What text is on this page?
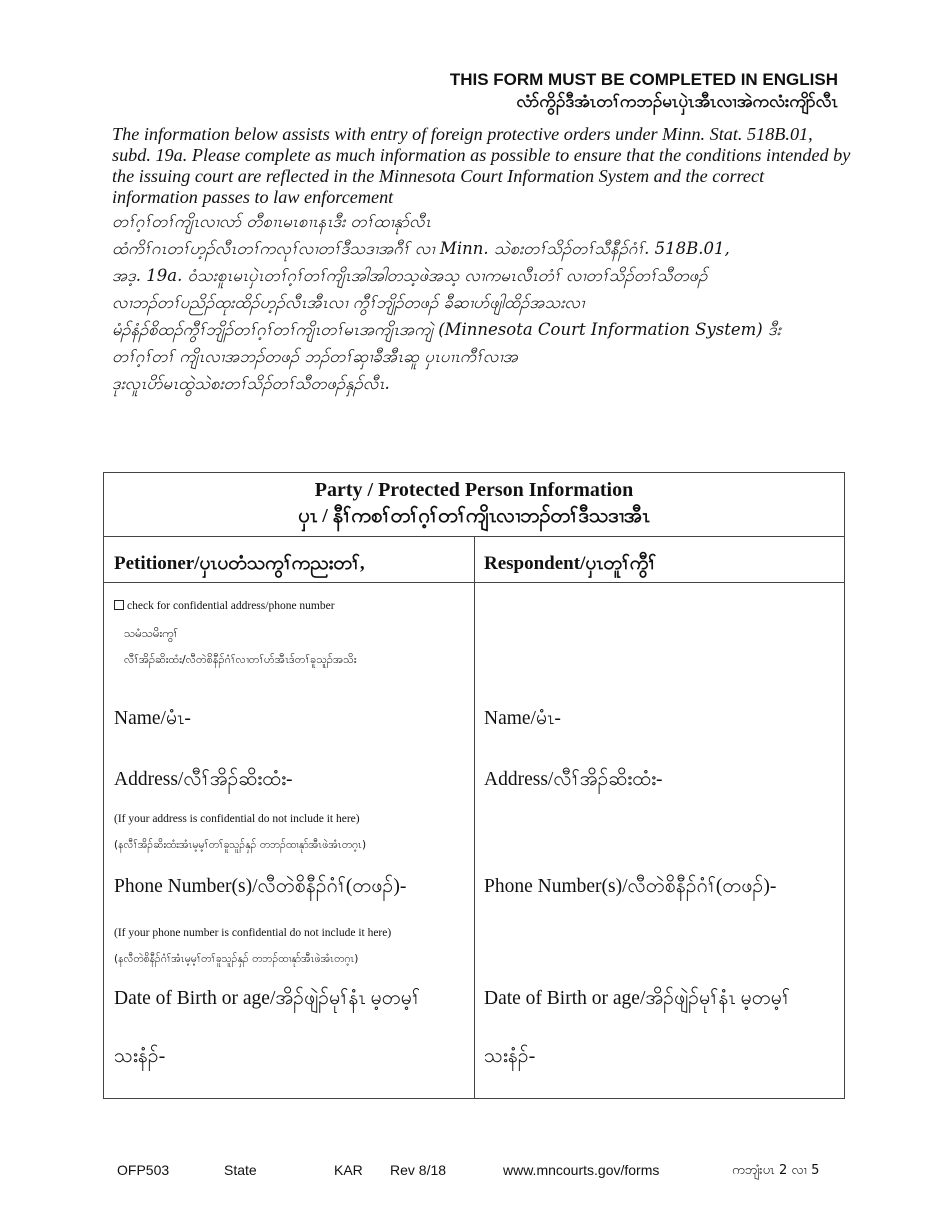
THIS FORM MUST BE COMPLETED IN ENGLISH
လံာ်ကွိၣ်ဒီအံၤတၢ်ကဘၣ်မၤပှဲၤအီၤလၢအဲကလံးကျိာ်လီၤ
The information below assists with entry of foreign protective orders under Minn. Stat. 518B.01, subd. 19a. Please complete as much information as possible to ensure that the conditions intended by the issuing court are reflected in the Minnesota Court Information System and the correct information passes to law enforcement
တၢ်ဂ့ၢ်တၢ်ကျိၤလၢလာ် တီစၢၤမၤစၢၤနၤဒီး တၢ်ထၢနုာ်လီၤ
ထံကိၢ်ဂၤတၢ်ဟ့ၣ်လီၤတၢ်ကလုၢ်လၢတၢ်ဒီသဒၢအဂီၢ် လၢ Minn. သဲစးတၢ်သိၣ်တၢ်သီနီၣ်ဂံၢ်. 518B.01,
အဒ့. 19a. ဝံသးစူၤမၤပှဲၤတၢ်ဂ့ၢ်တၢ်ကျိၤအါအါတသ့ဖဲအသ့ လၢကမၤလီၤတံၢ် လၢတၢ်သိၣ်တၢ်သီတဖၣ်
လၢဘၣ်တၢ်ပညိၣ်ထုးထိၣ်ဟ့ၣ်လီၤအီၤလၢ ကွီၢ်ဘျိၣ်တဖၣ် ခီဆၢဟ်ဖျါထိၣ်အသးလၢ
မံၣ်နံၣ်စိထၣ်ကွီၢ်ဘျိၣ်တၢ်ဂ့ၢ်တၢ်ကျိၤတၢ်မၤအကျိၤအကျဲ (Minnesota Court Information System) ဒီး
တၢ်ဂ့ၢ်တၢ် ကျိၤလၢအဘၣ်တဖၣ် ဘၣ်တၢ်ဆှၢခီအီၤဆူ ပှၤပၢၤကီၢ်လၢအ
ဒုးလူၤပိာ်မၤထွဲသဲစးတၢ်သိၣ်တၢ်သီတဖၣ်နှၣ်လီၤ.
Party / Protected Person Information
ပှၤ / နီၢ်ကစၢ်တၢ်ဂ့ၢ်တၢ်ကျိၤလၢဘၣ်တၢ်ဒီသဒၢအီၤ
Petitioner/ပှၤပတံသကွၢ်ကညးတၢ်,	Respondent/ပှၤတူၢ်ကွီၢ်
check for confidential address/phone number
သမံသမိးကွၢ်
လီၢ်အိၣ်ဆိးထံး/လီတဲစိနီၣ်ဂံၢ်လၢတၢ်ဟ်အီၤဒ်တၢ်ခူသူၣ်အသိး
Name/မံၤ-	Name/မံၤ-
Address/လီၢ်အိၣ်ဆိးထံး-	Address/လီၢ်အိၣ်ဆိးထံး-
(If your address is confidential do not include it here)
(နလီၢ်အိၣ်ဆိးထံးအံၤမ့မ့ၢ်တၢ်ခူသူၣ်နှၣ် တဘၣ်ထၢနုာ်အီၤဖဲအံၤတဂ့ၤ)
Phone Number(s)/လီတဲစိနီၣ်ဂံၢ်(တဖၣ်)-	Phone Number(s)/လီတဲစိနီၣ်ဂံၢ်(တဖၣ်)-
(If your phone number is confidential do not include it here)
(နလီတဲစိနီၣ်ဂံၢ်အံၤမ့မ့ၢ်တၢ်ခူသူၣ်နှၣ် တဘၣ်ထၢနုာ်အီၤဖဲအံၤတဂ့ၤ)
Date of Birth or age/အိၣ်ဖျဲၣ်မုၢ်နံၤ မ့တမ့ၢ်	Date of Birth or age/အိၣ်ဖျဲၣ်မုၢ်နံၤ မ့တမ့ၢ်
သးနံၣ်-	သးနံၣ်-
OFP503	State	KAR Rev 8/18	www.mncourts.gov/forms	ကဘျံးပၤ 2 လၢ 5
